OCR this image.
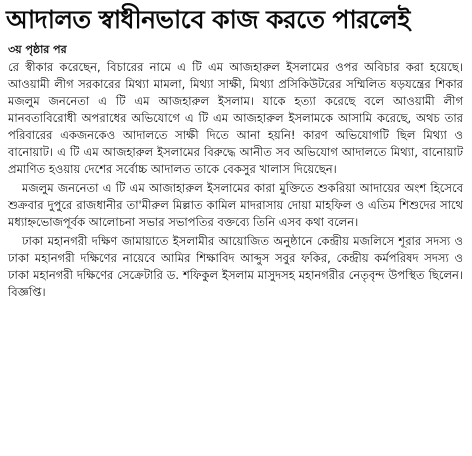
আদালত স্বাধীনভাবে কাজ করতে পারলেই
৩য় পৃষ্ঠার পর

রে স্বীকার করেছেন, বিচারের নামে এ টি এম আজহারুল ইসলামের ওপর অবিচার করা হয়েছে। আওয়ামী লীগ সরকারের মিথ্যা মামলা, মিথ্যা সাক্ষী, মিথ্যা প্রসিকিউটরের সম্মিলিত ষড়যন্ত্রের শিকার মজলুম জননেতা এ টি এম আজহারুল ইসলাম। যাকে হত্যা করেছে বলে আওয়ামী লীগ মানবতাবিরোধী অপরাধের অভিযোগে এ টি এম আজহারুল ইসলামকে আসামি করেছে, অথচ তার পরিবারের একজনকেও আদালতে সাক্ষী দিতে আনা হয়নি! কারণ অভিযোগটি ছিল মিথ্যা ও বানোয়াট। এ টি এম আজহারুল ইসলামের বিরুদ্ধে আনীত সব অভিযোগ আদালতে মিথ্যা, বানোয়াট প্রমাণিত হওয়ায় দেশের সর্বোচ্চ আদালত তাকে বেকসুর খালাস দিয়েছেন।

মজলুম জননেতা এ টি এম আজাহারুল ইসলামের কারা মুক্তিতে শুকরিয়া আদায়ের অংশ হিসেবে শুক্রবার দুপুরে রাজধানীর তা'মীরুল মিল্লাত কামিল মাদরাসায় দোয়া মাহফিল ও এতিম শিশুদের সাথে মধ্যাহ্নভোজপূর্বক আলোচনা সভার সভাপতির বক্তব্যে তিনি এসব কথা বলেন।

ঢাকা মহানগরী দক্ষিণ জামায়াতে ইসলামীর আয়োজিত অনুষ্ঠানে কেন্দ্রীয় মজলিসে শূরার সদস্য ও ঢাকা মহানগরী দক্ষিণের নায়েবে আমির শিক্ষাবিদ আব্দুস সবুর ফকির, কেন্দ্রীয় কর্মপরিষদ সদস্য ও ঢাকা মহানগরী দক্ষিণের সেক্রেটারি ড. শফিকুল ইসলাম মাসুদসহ মহানগরীর নেতৃবৃন্দ উপস্থিত ছিলেন। বিজ্ঞপ্তি।
